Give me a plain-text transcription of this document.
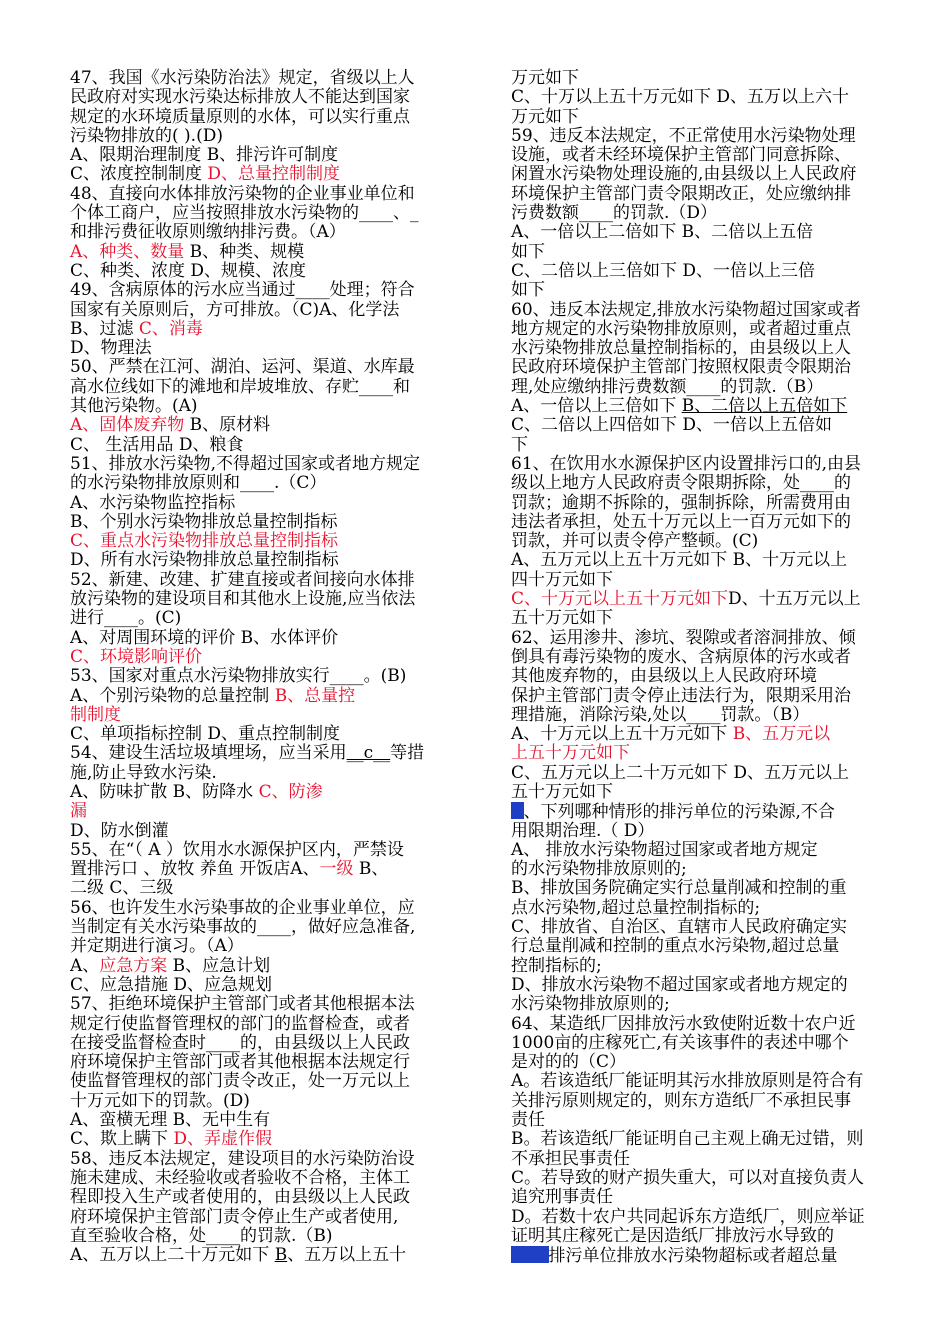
47、我国《水污染防治法》规定，省级以上人
民政府对实现水污染达标排放人不能达到国家
规定的水环境质量原则的水体，可以实行重点
污染物排放的( ).(D)
A、限期治理制度 B、排污许可制度
C、浓度控制制度 D、总量控制制度
48、直接向水体排放污染物的企业事业单位和
个体工商户，应当按照排放水污染物的____、_
和排污费征收原则缴纳排污费。（A）
A、种类、数量 B、种类、规模
C、种类、浓度 D、规模、浓度
49、含病原体的污水应当通过____处理；符合
国家有关原则后，方可排放。（C)A、化学法
B、过滤 C、消毒
D、物理法
50、严禁在江河、湖泊、运河、渠道、水库最
高水位线如下的滩地和岸坡堆放、存贮____和
其他污染物。(A)
A、固体废弃物 B、原材料
C、 生活用品 D、粮食
51、排放水污染物,不得超过国家或者地方规定
的水污染物排放原则和____.（C）
A、水污染物监控指标
B、个别水污染物排放总量控制指标
C、重点水污染物排放总量控制指标
D、所有水污染物排放总量控制指标
52、新建、改建、扩建直接或者间接向水体排
放污染物的建设项目和其他水上设施,应当依法
进行____。(C)
A、对周围环境的评价 B、水体评价
C、环境影响评价
53、国家对重点水污染物排放实行____。(B)
A、个别污染物的总量控制 B、总量控
制制度
C、单项指标控制 D、重点控制制度
54、建设生活垃圾填埋场，应当采用__c__等措
施,防止导致水污染.
A、防味扩散 B、防降水 C、防渗
漏
D、防水倒灌
55、在“（ A ）饮用水水源保护区内，严禁设
置排污口 、放牧 养鱼 开饭店A、一级 B、
二级 C、三级
56、也许发生水污染事故的企业事业单位，应
当制定有关水污染事故的____，做好应急准备,
并定期进行演习。（A）
A、应急方案 B、应急计划
C、应急措施 D、应急规划
57、拒绝环境保护主管部门或者其他根据本法
规定行使监督管理权的部门的监督检查，或者
在接受监督检查时____的，由县级以上人民政
府环境保护主管部门或者其他根据本法规定行
使监督管理权的部门责令改正，处一万元以上
十万元如下的罚款。(D)
A、蛮横无理 B、无中生有
C、欺上瞒下 D、弄虚作假
58、违反本法规定，建设项目的水污染防治设
施未建成、未经验收或者验收不合格，主体工
程即投入生产或者使用的，由县级以上人民政
府环境保护主管部门责令停止生产或者使用,
直至验收合格，处____的罚款.（B)
A、五万以上二十万元如下 B、五万以上五十
万元如下
C、十万以上五十万元如下 D、五万以上六十
万元如下
59、违反本法规定，不正常使用水污染物处理
设施，或者未经环境保护主管部门同意拆除、
闲置水污染物处理设施的,由县级以上人民政府
环境保护主管部门责令限期改正，处应缴纳排
污费数额____的罚款.（D）
A、一倍以上二倍如下 B、二倍以上五倍
如下
C、二倍以上三倍如下 D、一倍以上三倍
如下
60、违反本法规定,排放水污染物超过国家或者
地方规定的水污染物排放原则，或者超过重点
水污染物排放总量控制指标的，由县级以上人
民政府环境保护主管部门按照权限责令限期治
理,处应缴纳排污费数额____的罚款.（B）
A、一倍以上三倍如下 B、二倍以上五倍如下
C、二倍以上四倍如下 D、一倍以上五倍如
下
61、在饮用水水源保护区内设置排污口的,由县
级以上地方人民政府责令限期拆除，处____的
罚款；逾期不拆除的，强制拆除，所需费用由
违法者承担，处五十万元以上一百万元如下的
罚款，并可以责令停产整顿。(C)
A、五万元以上五十万元如下 B、十万元以上
四十万元如下
C、十万元以上五十万元如下D、十五万元以上
五十万元如下
62、运用渗井、渗坑、裂隙或者溶洞排放、倾
倒具有毒污染物的废水、含病原体的污水或者
其他废弃物的，由县级以上人民政府环境
保护主管部门责令停止违法行为，限期采用治
理措施，消除污染,处以____罚款。（B）
A、十万元以上五十万元如下 B、五万元以
上五十万元如下
C、五万元以上二十万元如下 D、五万元以上
五十万元如下
、下列哪种情形的排污单位的污染源,不合
用限期治理.（ D）
A、 排放水污染物超过国家或者地方规定
的水污染物排放原则的;
B、排放国务院确定实行总量削减和控制的重
点水污染物,超过总量控制指标的;
C、排放省、自治区、直辖市人民政府确定实
行总量削减和控制的重点水污染物,超过总量
控制指标的;
D、排放水污染物不超过国家或者地方规定的
水污染物排放原则的;
64、某造纸厂因排放污水致使附近数十农户近
1000亩的庄稼死亡,有关该事件的表述中哪个
是对的的（C）
A。若该造纸厂能证明其污水排放原则是符合有
关排污原则规定的，则东方造纸厂不承担民事
责任
B。若该造纸厂能证明自己主观上确无过错，则
不承担民事责任
C。若导致的财产损失重大，可以对直接负责人
追究刑事责任
D。若数十农户共同起诉东方造纸厂，则应举证
证明其庄稼死亡是因造纸厂排放污水导致的
排污单位排放水污染物超标或者超总量
